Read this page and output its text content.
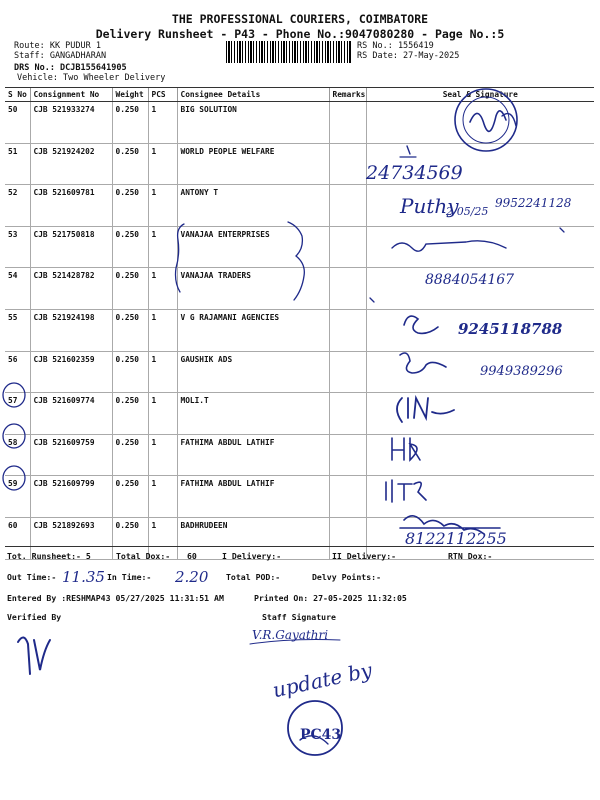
THE PROFESSIONAL COURIERS, COIMBATORE
Delivery Runsheet - P43 - Phone No.:9047080280 - Page No.:5
Route: KK PUDUR 1
Staff: GANGADHARAN
DRS No.: DCJB155641905
Vehicle: Two Wheeler Delivery
RS No.: 1556419
RS Date: 27-May-2025
S No	Consignment No	Weight	PCS	Consignee Details	Remarks	Seal & Signature
50	CJB 521933274	0.250	1	BIG SOLUTION		
51	CJB 521924202	0.250	1	WORLD PEOPLE WELFARE		
52	CJB 521609781	0.250	1	ANTONY T		
53	CJB 521750818	0.250	1	VANAJAA ENTERPRISES		
54	CJB 521428782	0.250	1	VANAJAA TRADERS		
55	CJB 521924198	0.250	1	V G RAJAMANI AGENCIES		
56	CJB 521602359	0.250	1	GAUSHIK ADS		
57	CJB 521609774	0.250	1	MOLI.T		
58	CJB 521609759	0.250	1	FATHIMA ABDUL LATHIF		
59	CJB 521609799	0.250	1	FATHIMA ABDUL LATHIF		
60	CJB 521892693	0.250	1	BADHRUDEEN		
Tot. Runsheet:- 5	Total Dox:- 60	I Delivery:-	II Delivery:-	RTN Dox:-
Out Time:-	In Time:-	Total POD:-	Delvy Points:-
Entered By :RESHMAP43 05/27/2025 11:31:51 AM	Printed On: 27-05-2025 11:32:05
Verified By	Staff Signature
24734569
Puthy
2/05/25
9952241128
8884054167
9245118788
9949389296
8122112255
11.35	2.20
V.R.Gayathri
update by
PC43
